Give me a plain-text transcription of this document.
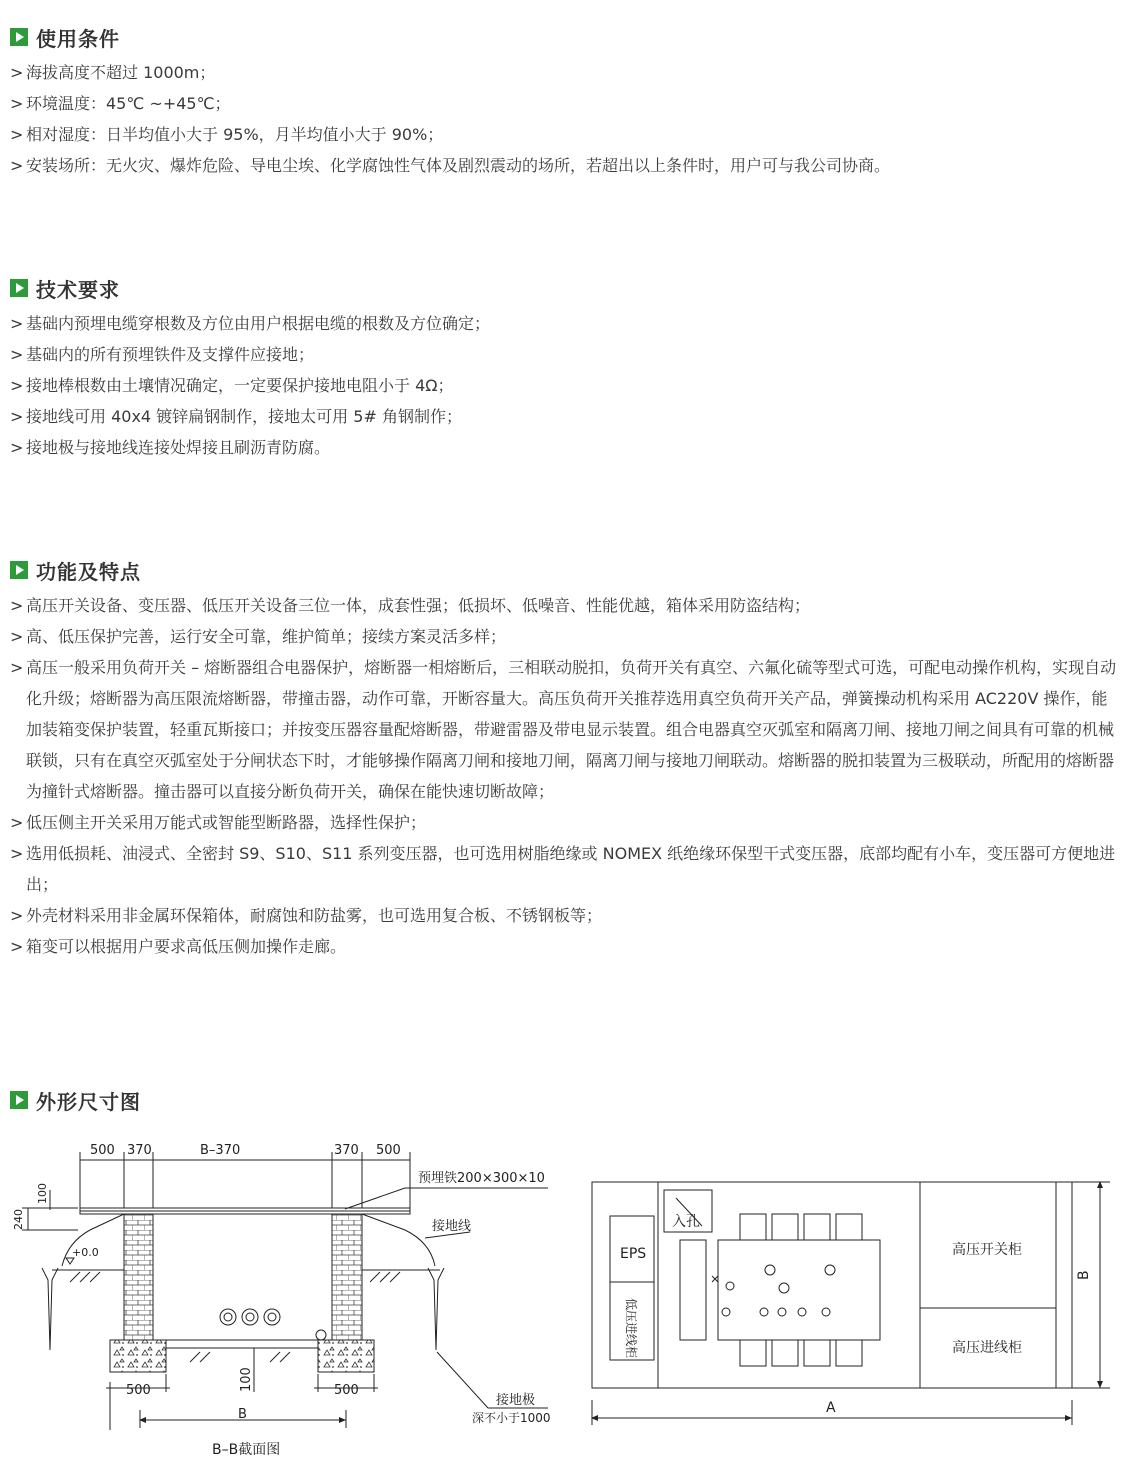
使用条件
> 海拔高度不超过 1000m；
> 环境温度：45℃ ~+45℃；
> 相对湿度：日半均值小大于 95%，月半均值小大于 90%；
> 安装场所：无火灾、爆炸危险、导电尘埃、化学腐蚀性气体及剧烈震动的场所，若超出以上条件时，用户可与我公司协商。
技术要求
> 基础内预埋电缆穿根数及方位由用户根据电缆的根数及方位确定；
> 基础内的所有预埋铁件及支撑件应接地；
> 接地棒根数由土壤情况确定，一定要保护接地电阻小于 4Ω；
> 接地线可用 40x4 镀锌扁钢制作，接地太可用 5# 角钢制作；
> 接地极与接地线连接处焊接且刷沥青防腐。
功能及特点
> 高压开关设备、变压器、低压开关设备三位一体，成套性强；低损坏、低噪音、性能优越，箱体采用防盗结构；
> 高、低压保护完善，运行安全可靠，维护简单；接续方案灵活多样；
> 高压一般采用负荷开关 – 熔断器组合电器保护，熔断器一相熔断后，三相联动脱扣，负荷开关有真空、六氟化硫等型式可选，可配电动操作机构，实现自动化升级；熔断器为高压限流熔断器，带撞击器，动作可靠，开断容量大。高压负荷开关推荐选用真空负荷开关产品，弹簧操动机构采用 AC220V 操作，能加装箱变保护装置，轻重瓦斯接口；并按变压器容量配熔断器，带避雷器及带电显示装置。组合电器真空灭弧室和隔离刀闸、接地刀闸之间具有可靠的机械联锁，只有在真空灭弧室处于分闸状态下时，才能够操作隔离刀闸和接地刀闸，隔离刀闸与接地刀闸联动。熔断器的脱扣装置为三极联动，所配用的熔断器为撞针式熔断器。撞击器可以直接分断负荷开关，确保在能快速切断故障；
> 低压侧主开关采用万能式或智能型断路器，选择性保护；
> 选用低损耗、油浸式、全密封 S9、S10、S11 系列变压器，也可选用树脂绝缘或 NOMEX 纸绝缘环保型干式变压器，底部均配有小车，变压器可方便地进出；
> 外壳材料采用非金属环保箱体，耐腐蚀和防盐雾，也可选用复合板、不锈钢板等；
> 箱变可以根据用户要求高低压侧加操作走廊。
外形尺寸图
500 370	B–370	370 500
预埋铁200×300×10
100
240
+0.0
接地线
100
500	500
B
接地极
深不小于1000
B–B截面图
入孔
EPS
低压进线柜
高压开关柜
高压进线柜
A
B
